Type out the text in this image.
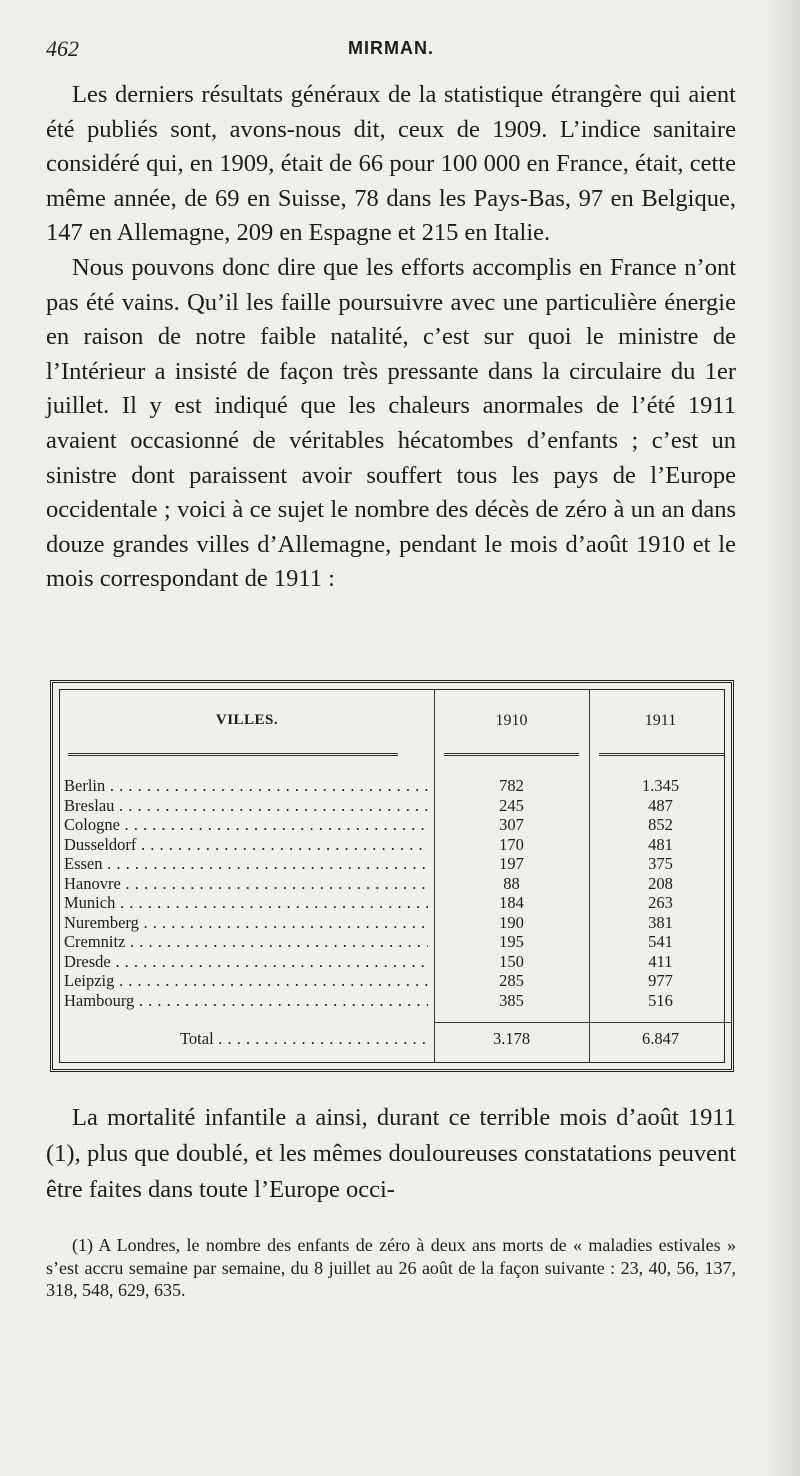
462	MIRMAN.

Les derniers résultats généraux de la statistique étrangère qui aient été publiés sont, avons-nous dit, ceux de 1909. L’indice sanitaire considéré qui, en 1909, était de 66 pour 100 000 en France, était, cette même année, de 69 en Suisse, 78 dans les Pays-Bas, 97 en Belgique, 147 en Allemagne, 209 en Espagne et 215 en Italie.

Nous pouvons donc dire que les efforts accomplis en France n’ont pas été vains. Qu’il les faille poursuivre avec une particulière énergie en raison de notre faible natalité, c’est sur quoi le ministre de l’Intérieur a insisté de façon très pressante dans la circulaire du 1er juillet. Il y est indiqué que les chaleurs anormales de l’été 1911 avaient occasionné de véritables hécatombes d’enfants ; c’est un sinistre dont paraissent avoir souffert tous les pays de l’Europe occidentale ; voici à ce sujet le nombre des décès de zéro à un an dans douze grandes villes d’Allemagne, pendant le mois d’août 1910 et le mois correspondant de 1911 :

VILLES.	1910	1911
Berlin . . .	782	1.345
Breslau . . .	245	487
Cologne . . .	307	852
Dusseldorf . . .	170	481
Essen . . .	197	375
Hanovre . . .	88	208
Munich . . .	184	263
Nuremberg . . .	190	381
Cremnitz . . .	195	541
Dresde . . .	150	411
Leipzig . . .	285	977
Hambourg . . .	385	516
Total . . .	3.178	6.847

La mortalité infantile a ainsi, durant ce terrible mois d’août 1911 (1), plus que doublé, et les mêmes douloureuses constatations peuvent être faites dans toute l’Europe occi-

(1) A Londres, le nombre des enfants de zéro à deux ans morts de « maladies estivales » s’est accru semaine par semaine, du 8 juillet au 26 août de la façon suivante : 23, 40, 56, 137, 318, 548, 629, 635.
